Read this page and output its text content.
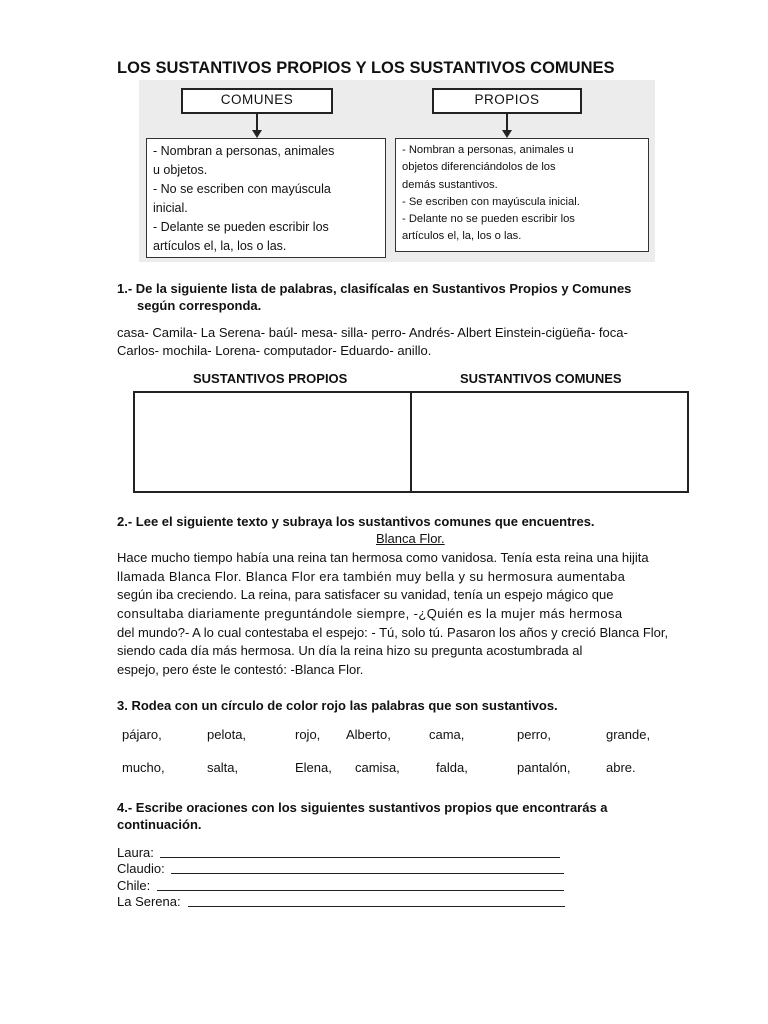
LOS SUSTANTIVOS PROPIOS Y LOS SUSTANTIVOS COMUNES
COMUNES	PROPIOS
- Nombran a personas, animales
u objetos.
- No se escriben con mayúscula
inicial.
- Delante se pueden escribir los
artículos el, la, los o las.
- Nombran a personas, animales u
objetos diferenciándolos de los
demás sustantivos.
- Se escriben con mayúscula inicial.
- Delante no se pueden escribir los
artículos el, la, los o las.
1.- De la siguiente lista de palabras, clasifícalas en Sustantivos Propios y Comunes
según corresponda.
casa- Camila- La Serena- baúl- mesa- silla- perro- Andrés- Albert Einstein-cigüeña- foca-
Carlos- mochila- Lorena- computador- Eduardo- anillo.
SUSTANTIVOS PROPIOS	SUSTANTIVOS COMUNES
2.- Lee el siguiente texto y subraya los sustantivos comunes que encuentres.
Blanca Flor.
Hace mucho tiempo había una reina tan hermosa como vanidosa. Tenía esta reina una hijita
llamada Blanca Flor. Blanca Flor era también muy bella y su hermosura aumentaba
según iba creciendo. La reina, para satisfacer su vanidad, tenía un espejo mágico que
consultaba diariamente preguntándole siempre, -¿Quién es la mujer más hermosa
del mundo?- A lo cual contestaba el espejo: - Tú, solo tú. Pasaron los años y creció Blanca Flor,
siendo cada día más hermosa. Un día la reina hizo su pregunta acostumbrada al
espejo, pero éste le contestó: -Blanca Flor.
3. Rodea con un círculo de color rojo las palabras que son sustantivos.
pájaro,	pelota,	rojo, Alberto,	cama,	perro,	grande,
mucho,	salta,	Elena, camisa,	falda,	pantalón,	abre.
4.- Escribe oraciones con los siguientes sustantivos propios que encontrarás a
continuación.
Laura:
Claudio:
Chile:
La Serena:
